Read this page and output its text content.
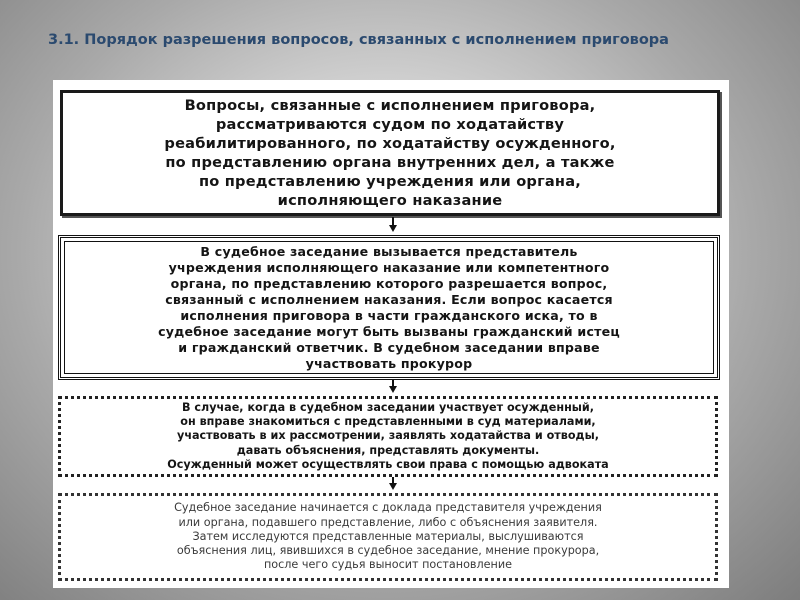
3.1. Порядок разрешения вопросов, связанных с исполнением приговора
Вопросы, связанные с исполнением приговора,
рассматриваются судом по ходатайству
реабилитированного, по ходатайству осужденного,
по представлению органа внутренних дел, а также
по представлению учреждения или органа,
исполняющего наказание
В судебное заседание вызывается представитель
учреждения исполняющего наказание или компетентного
органа, по представлению которого разрешается вопрос,
связанный с исполнением наказания. Если вопрос касается
исполнения приговора в части гражданского иска, то в
судебное заседание могут быть вызваны гражданский истец
и гражданский ответчик. В судебном заседании вправе
участвовать прокурор
В случае, когда в судебном заседании участвует осужденный,
он вправе знакомиться с представленными в суд материалами,
участвовать в их рассмотрении, заявлять ходатайства и отводы,
давать объяснения, представлять документы.
Осужденный может осуществлять свои права с помощью адвоката
Судебное заседание начинается с доклада представителя учреждения
или органа, подавшего представление, либо с объяснения заявителя.
Затем исследуются представленные материалы, выслушиваются
объяснения лиц, явившихся в судебное заседание, мнение прокурора,
после чего судья выносит постановление
